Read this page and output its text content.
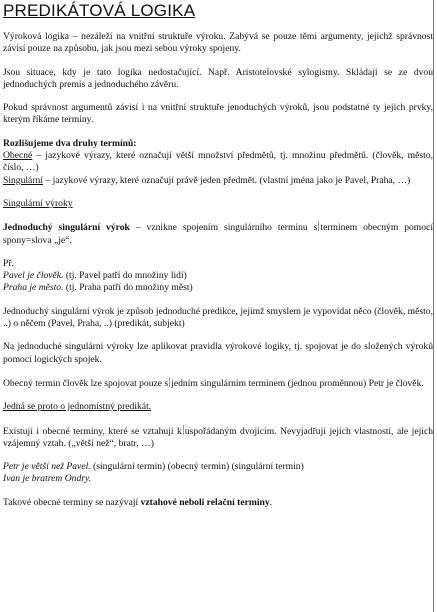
PREDIKÁTOVÁ LOGIKA

Výroková logika – nezáleží na vnitřní struktuře výroku. Zabývá se pouze těmi argumenty, jejichž správnost závisí pouze na způsobu, jak jsou mezi sebou výroky spojeny.

Jsou situace, kdy je tato logika nedostačující. Např. Aristotelovské sylogismy. Skládají se ze dvou jednoduchých premis a jednoduchého závěru.

Pokud správnost argumentů závisí i na vnitřní struktuře jenoduchých výroků, jsou podstatné ty jejich prvky, kterým říkáme terminy.

Rozlišujeme dva druhy termínů:

Obecné – jazykové výrazy, které označují větší množství předmětů, tj. množinu předmětů. (člověk, město, číslo, …)

Singulární – jazykové výrazy, které označují právě jeden předmět. (vlastní jména jako je Pavel, Praha, …)

Singulární výroky

Jednoduchý singulární výrok – vznikne spojením singulárního terminu s terminem obecným pomocí spony=slova „je“.

Př.

Pavel je člověk. (tj. Pavel patří do množiny lidí)

Praha je město. (tj. Praha patří do množiny měst)

Jednoduchý singulární výrok je způsob jednoduché predikce, jejímž smyslem je vypovídat něco (člověk, město, ..) o něčem (Pavel, Praha, ..) (predikát, subjekt)

Na jednoduché singulární výroky lze aplikovat pravidla výrokové logiky, tj. spojovat je do složených výroků pomocí logických spojek.

Obecný termin člověk lze spojovat pouze s jedním singulárním terminem (jednou proměnnou) Petr je člověk.

Jedná se proto o jednomístný predikát.

Existují i obecné terminy, které se vztahují k uspořádaným dvojicím. Nevyjadřují jejich vlastnosti, ale jejich vzájemný vztah. („větší než“, bratr, …)

Petr je větší než Pavel. (singulární termin) (obecný termin) (singulární termin)

Ivan je bratrem Ondry.

Takové obecné terminy se nazývají vztahové neboli relační terminy.
